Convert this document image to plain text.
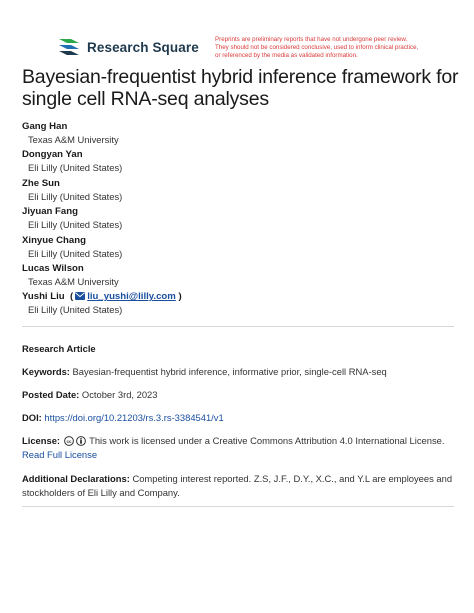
Research Square	Preprints are preliminary reports that have not undergone peer review.
They should not be considered conclusive, used to inform clinical practice,
or referenced by the media as validated information.
Bayesian-frequentist hybrid inference framework for single cell RNA-seq analyses
Gang Han
Texas A&M University
Dongyan Yan
Eli Lilly (United States)
Zhe Sun
Eli Lilly (United States)
Jiyuan Fang
Eli Lilly (United States)
Xinyue Chang
Eli Lilly (United States)
Lucas Wilson
Texas A&M University
Yushi Liu  ( liu_yushi@lilly.com )
Eli Lilly (United States)
Research Article
Keywords: Bayesian-frequentist hybrid inference, informative prior, single-cell RNA-seq
Posted Date: October 3rd, 2023
DOI: https://doi.org/10.21203/rs.3.rs-3384541/v1
License: cc This work is licensed under a Creative Commons Attribution 4.0 International License.
Read Full License
Additional Declarations: Competing interest reported. Z.S, J.F., D.Y., X.C., and Y.L are employees and stockholders of Eli Lilly and Company.
